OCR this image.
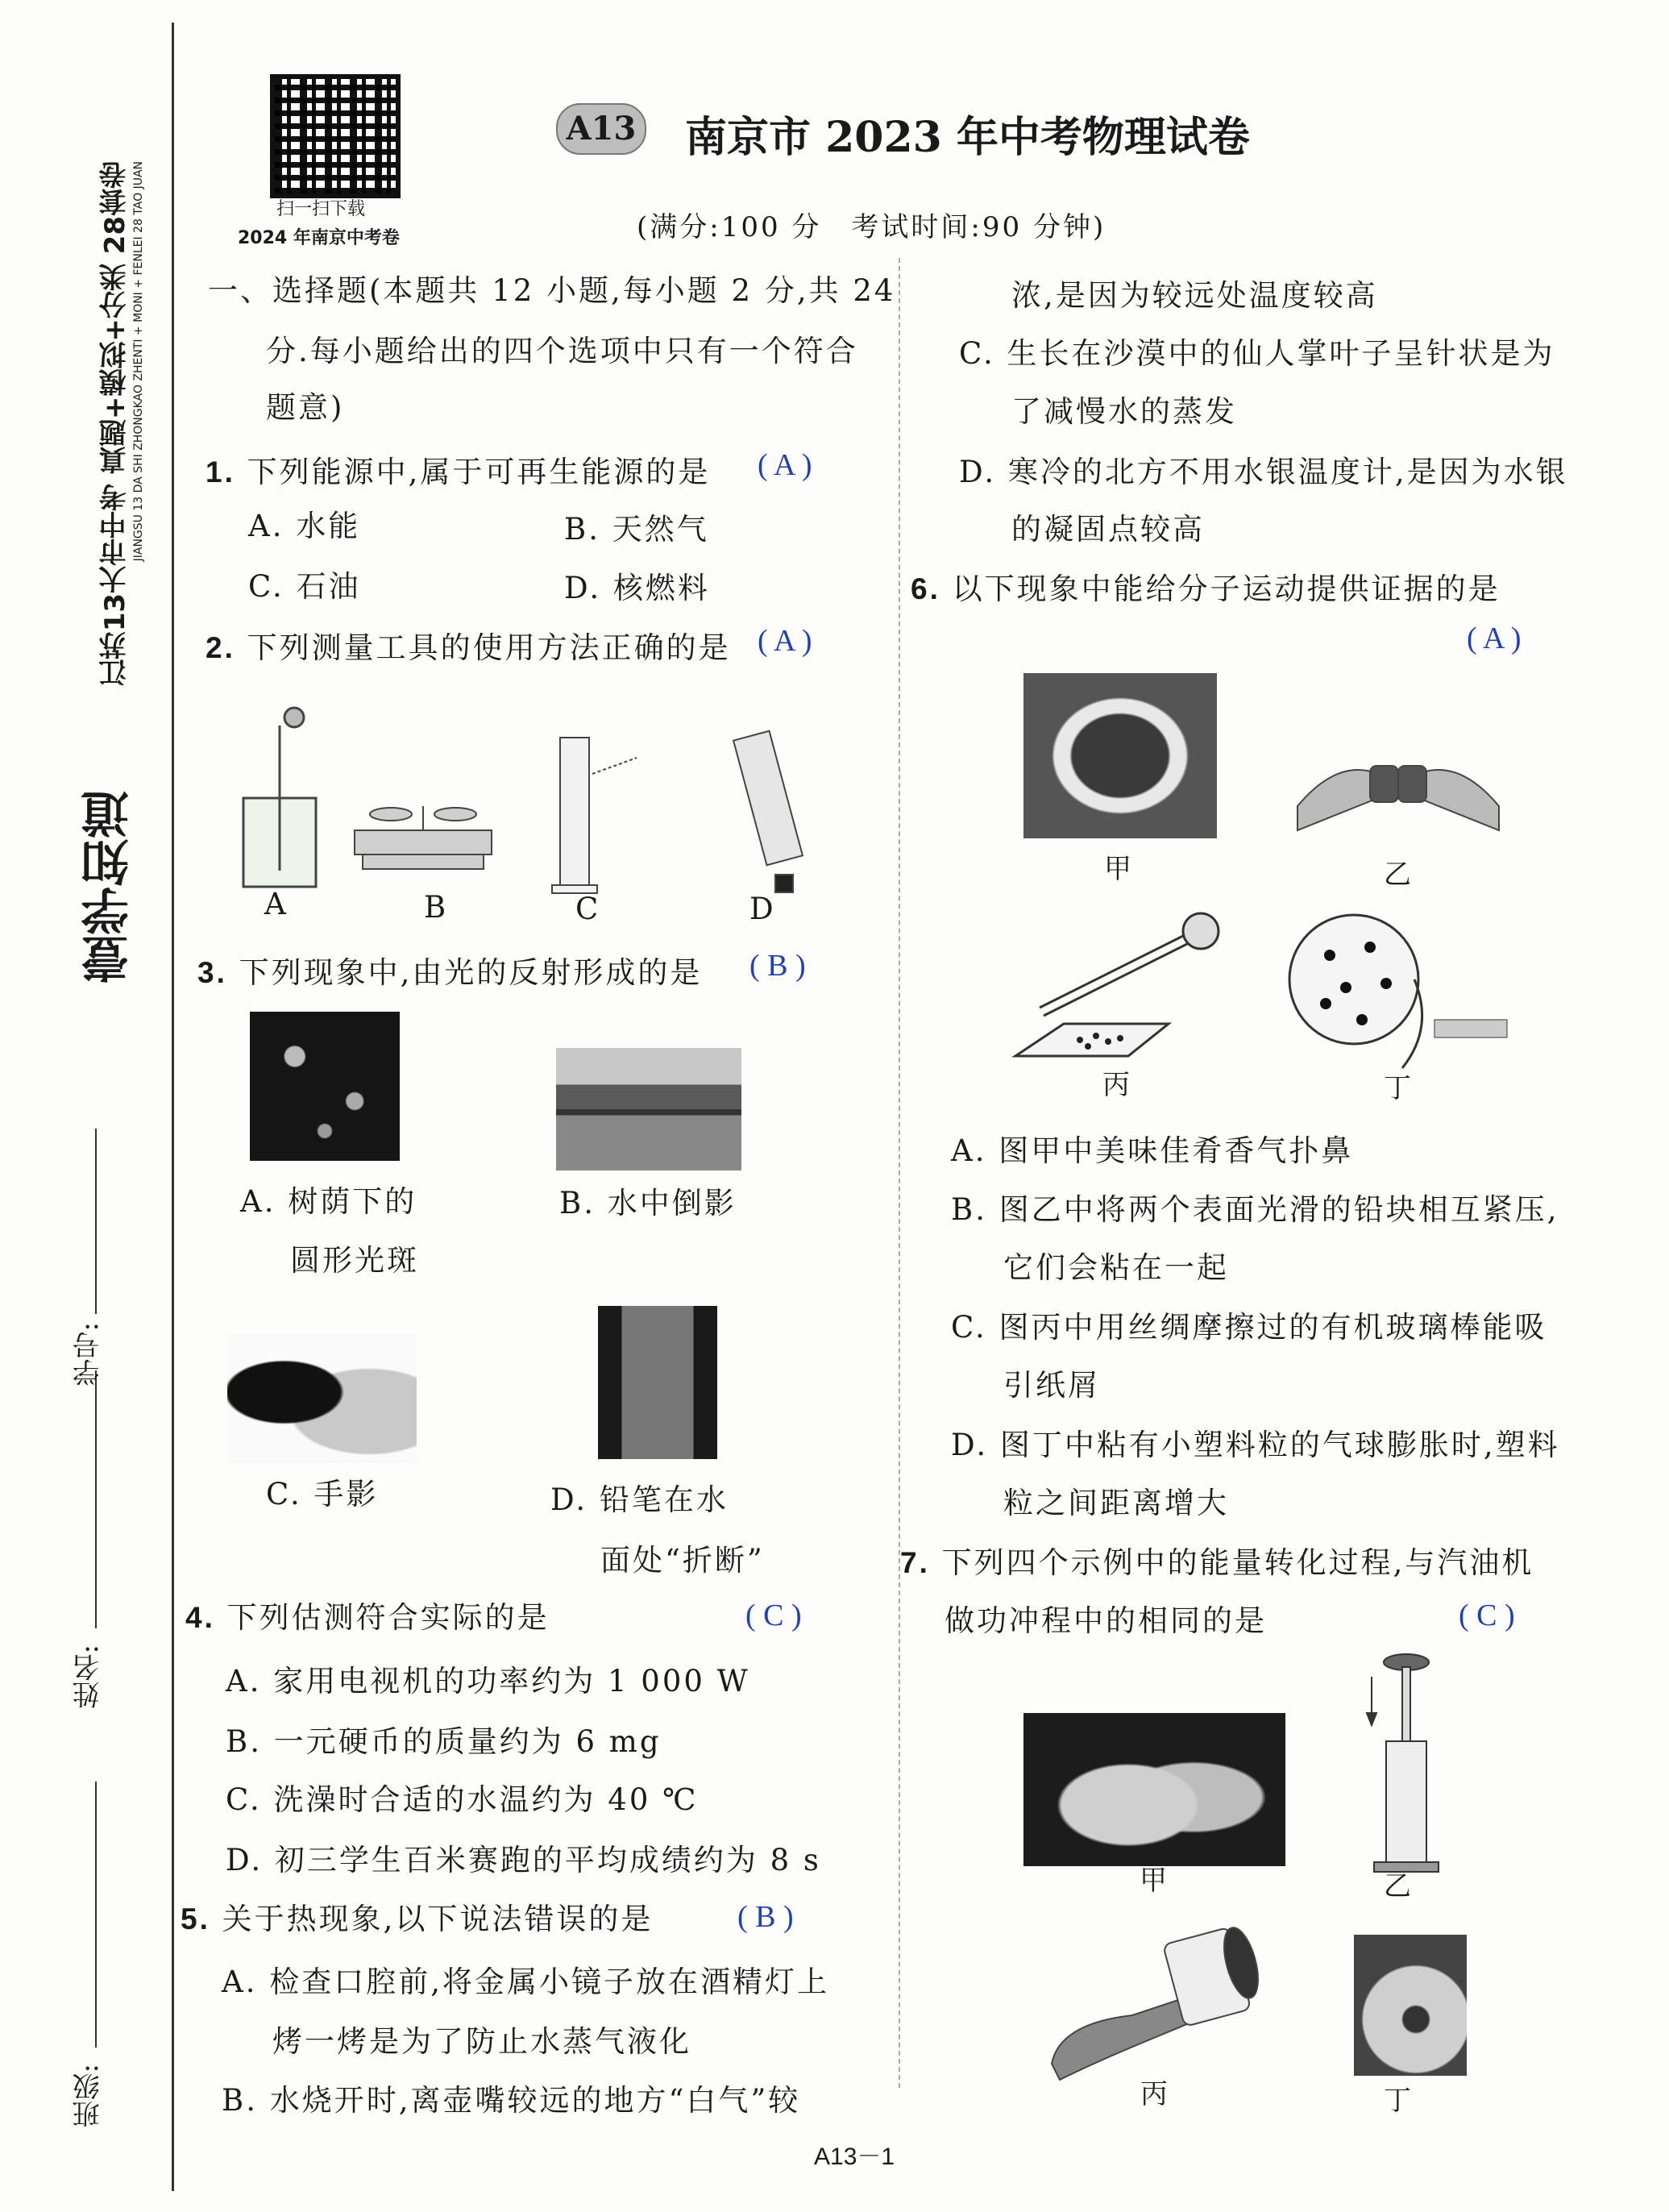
壹学知道
江苏13大市中考 真题+模拟+分类 28套卷 JIANGSU 13 DA SHI ZHONGKAO ZHENTI + MONI + FENLEI 28 TAO JUAN
班级:
姓名:
学号:
扫一扫下载
2024 年南京中考卷
A13 南京市 2023 年中考物理试卷
(满分:100 分　考试时间:90 分钟)
一、选择题(本题共 12 小题,每小题 2 分,共 24
分.每小题给出的四个选项中只有一个符合
题意)
1. 下列能源中,属于可再生能源的是 ( A )
A. 水能	B. 天然气
C. 石油	D. 核燃料
2. 下列测量工具的使用方法正确的是 ( A )
A	B	C	D
3. 下列现象中,由光的反射形成的是 ( B )
A. 树荫下的
圆形光斑
B. 水中倒影
C. 手影	D. 铅笔在水
面处“折断”
4. 下列估测符合实际的是	( C )
A. 家用电视机的功率约为 1 000 W
B. 一元硬币的质量约为 6 mg
C. 洗澡时合适的水温约为 40 ℃
D. 初三学生百米赛跑的平均成绩约为 8 s
5. 关于热现象,以下说法错误的是	( B )
A. 检查口腔前,将金属小镜子放在酒精灯上
烤一烤是为了防止水蒸气液化
B. 水烧开时,离壶嘴较远的地方“白气”较
浓,是因为较远处温度较高
C. 生长在沙漠中的仙人掌叶子呈针状是为
了减慢水的蒸发
D. 寒冷的北方不用水银温度计,是因为水银
的凝固点较高
6. 以下现象中能给分子运动提供证据的是
( A )
甲	乙
丙	丁
A. 图甲中美味佳肴香气扑鼻
B. 图乙中将两个表面光滑的铅块相互紧压,
它们会粘在一起
C. 图丙中用丝绸摩擦过的有机玻璃棒能吸
引纸屑
D. 图丁中粘有小塑料粒的气球膨胀时,塑料
粒之间距离增大
7. 下列四个示例中的能量转化过程,与汽油机
做功冲程中的相同的是	( C )
甲	乙
丙	丁
A13－1
